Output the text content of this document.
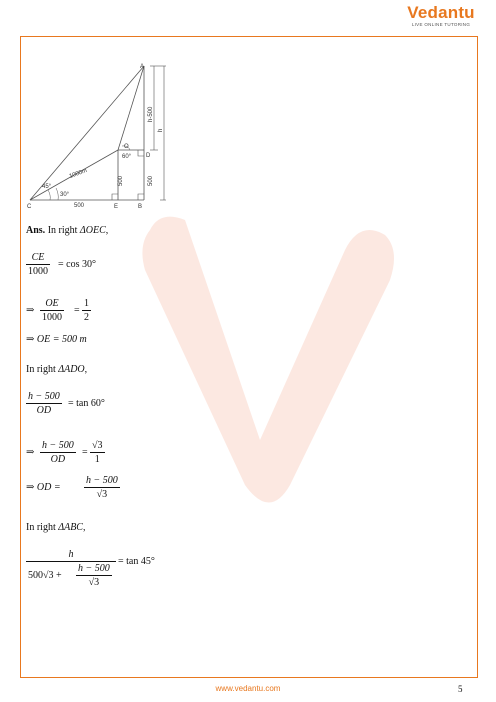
Vedantu
LIVE ONLINE TUTORING
A
B
C
D
E
O
45°
30°
60°
1000m
500
500	500
h-500
h
Ans. In right ΔOEC,
$\frac{CE}{1000} = \cos 30^\circ$
⇒ $\frac{OE}{1000} = \frac{1}{2}$
⇒ OE = 500 m
In right ΔADO,
$\frac{h - 500}{OD} = \tan 60^\circ$
⇒ $\frac{h - 500}{OD} = \frac{√3}{1}$
⇒ OD = $\frac{h - 500}{√3}$
In right ΔABC,
$\frac{h}{500√3 + \frac{h - 500}{√3}} = \tan 45^\circ$
5
www.vedantu.com
